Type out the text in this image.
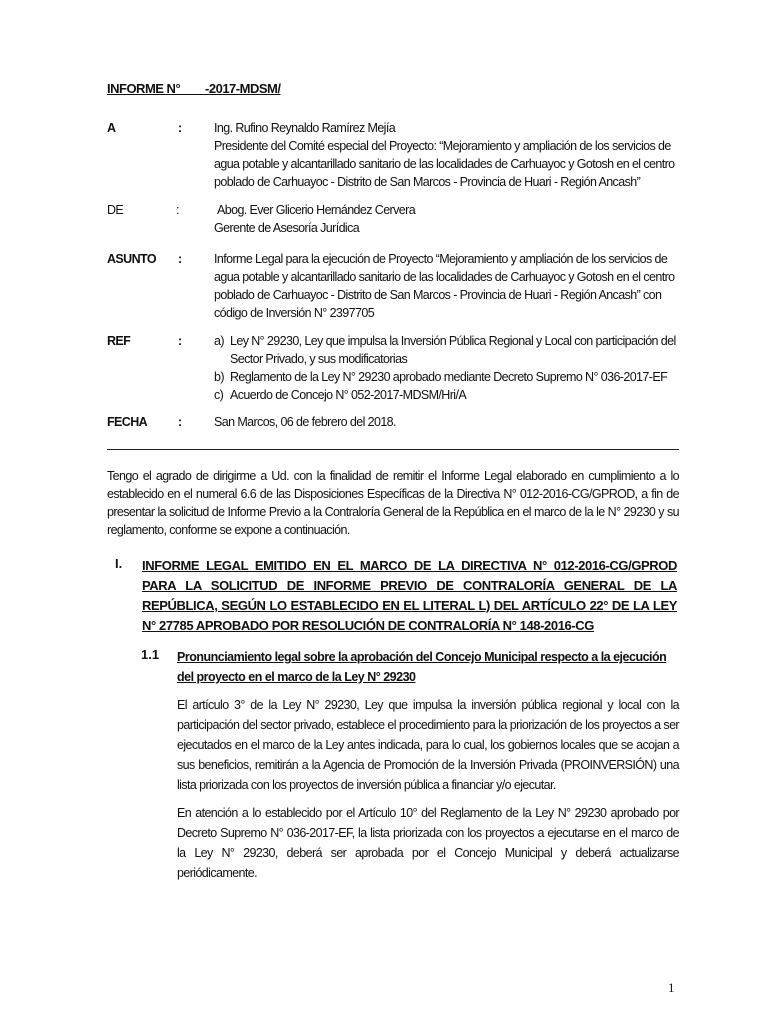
INFORME N°        -2017-MDSM/
A	:	Ing. Rufino Reynaldo Ramírez Mejía
Presidente del Comité especial del Proyecto: “Mejoramiento y ampliación de los servicios de agua potable y alcantarillado sanitario de las localidades de Carhuayoc y Gotosh en el centro poblado de Carhuayoc - Distrito de San Marcos - Provincia de Huari - Región Ancash”
DE	:	Abog. Ever Glicerio Hernández Cervera
Gerente de Asesoría Jurídica
ASUNTO :	Informe Legal para la ejecución de Proyecto “Mejoramiento y ampliación de los servicios de agua potable y alcantarillado sanitario de las localidades de Carhuayoc y Gotosh en el centro poblado de Carhuayoc - Distrito de San Marcos - Provincia de Huari - Región Ancash” con código de Inversión N° 2397705
REF	:	a) Ley N° 29230, Ley que impulsa la Inversión Pública Regional y Local con participación del Sector Privado, y sus modificatorias
b) Reglamento de la Ley N° 29230 aprobado mediante Decreto Supremo N° 036-2017-EF
c) Acuerdo de Concejo N° 052-2017-MDSM/Hri/A
FECHA :	San Marcos, 06 de febrero del 2018.
Tengo el agrado de dirigirme a Ud. con la finalidad de remitir el Informe Legal elaborado en cumplimiento a lo establecido en el numeral 6.6 de las Disposiciones Específicas de la Directiva N° 012-2016-CG/GPROD, a fin de presentar la solicitud de Informe Previo a la Contraloría General de la República en el marco de la le N° 29230 y su reglamento, conforme se expone a continuación.
I. INFORME LEGAL EMITIDO EN EL MARCO DE LA DIRECTIVA N° 012-2016-CG/GPROD PARA LA SOLICITUD DE INFORME PREVIO DE CONTRALORÍA GENERAL DE LA REPÚBLICA, SEGÚN LO ESTABLECIDO EN EL LITERAL L) DEL ARTÍCULO 22° DE LA LEY N° 27785 APROBADO POR RESOLUCIÓN DE CONTRALORÍA N° 148-2016-CG
1.1 Pronunciamiento legal sobre la aprobación del Concejo Municipal respecto a la ejecución del proyecto en el marco de la Ley N° 29230
El artículo 3° de la Ley N° 29230, Ley que impulsa la inversión pública regional y local con la participación del sector privado, establece el procedimiento para la priorización de los proyectos a ser ejecutados en el marco de la Ley antes indicada, para lo cual, los gobiernos locales que se acojan a sus beneficios, remitirán a la Agencia de Promoción de la Inversión Privada (PROINVERSIÓN) una lista priorizada con los proyectos de inversión pública a financiar y/o ejecutar.
En atención a lo establecido por el Artículo 10° del Reglamento de la Ley N° 29230 aprobado por Decreto Supremo N° 036-2017-EF, la lista priorizada con los proyectos a ejecutarse en el marco de la Ley N° 29230, deberá ser aprobada por el Concejo Municipal y deberá actualizarse periódicamente.
1
